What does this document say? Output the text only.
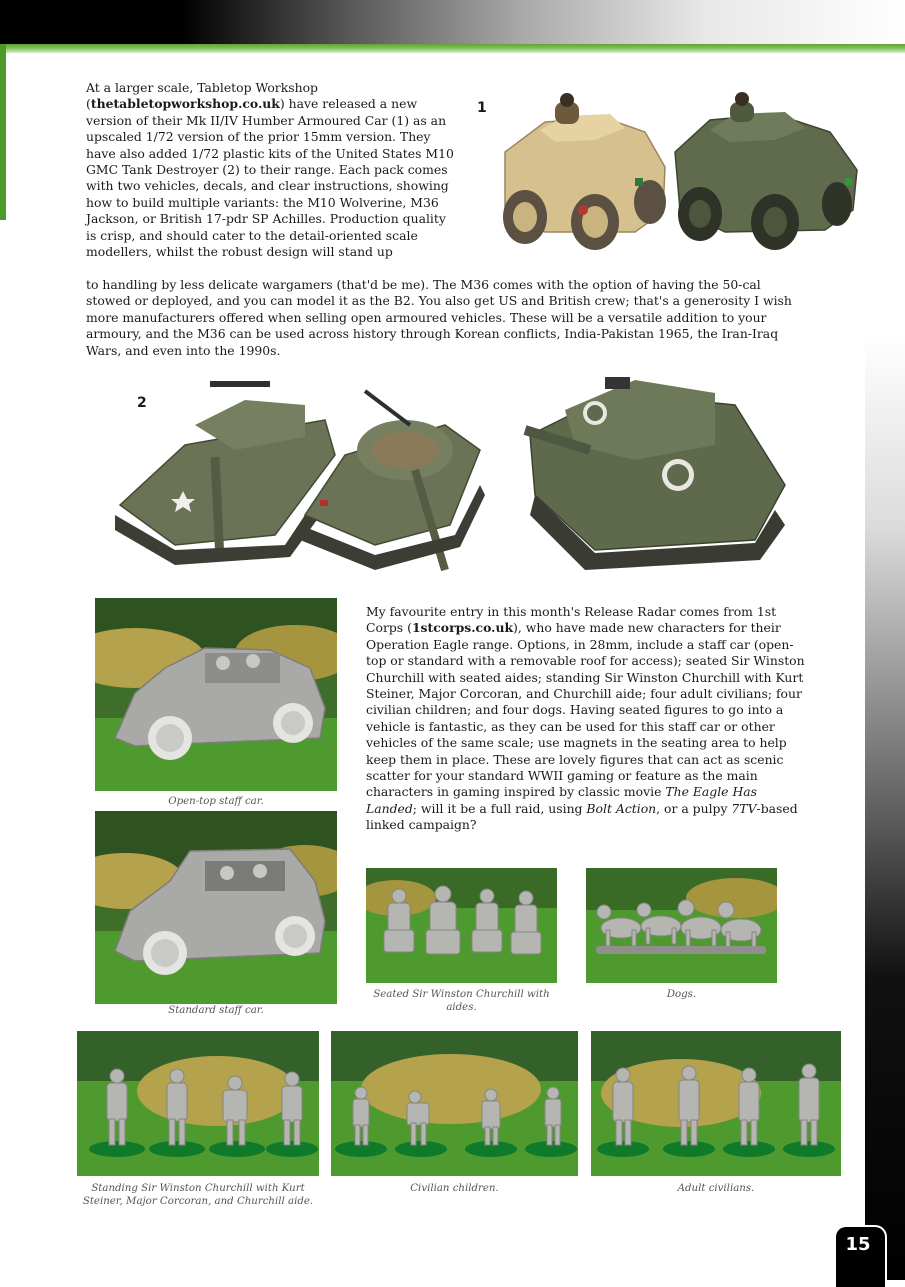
At a larger scale, Tabletop Workshop (thetabletopworkshop.co.uk) have released a new version of their Mk II/IV Humber Armoured Car (1) as an upscaled 1/72 version of the prior 15mm version. They have also added 1/72 plastic kits of the United States M10 GMC Tank Destroyer (2) to their range. Each pack comes with two vehicles, decals, and clear instructions, showing how to build multiple variants: the M10 Wolverine, M36 Jackson, or British 17-pdr SP Achilles. Production quality is crisp, and should cater to the detail-oriented scale modellers, whilst the robust design will stand up

to handling by less delicate wargamers (that'd be me). The M36 comes with the option of having the 50-cal stowed or deployed, and you can model it as the B2. You also get US and British crew; that's a generosity I wish more manufacturers offered when selling open armoured vehicles. These will be a versatile addition to your armoury, and the M36 can be used across history through Korean conflicts, India-Pakistan 1965, the Iran-Iraq Wars, and even into the 1990s.

1
2
Open-top staff car.
Standard staff car.

My favourite entry in this month's Release Radar comes from 1st Corps (1stcorps.co.uk), who have made new characters for their Operation Eagle range. Options, in 28mm, include a staff car (open-top or standard with a removable roof for access); seated Sir Winston Churchill with seated aides; standing Sir Winston Churchill with Kurt Steiner, Major Corcoran, and Churchill aide; four adult civilians; four civilian children; and four dogs. Having seated figures to go into a vehicle is fantastic, as they can be used for this staff car or other vehicles of the same scale; use magnets in the seating area to help keep them in place. These are lovely figures that can act as scenic scatter for your standard WWII gaming or feature as the main characters in gaming inspired by classic movie The Eagle Has Landed; will it be a full raid, using Bolt Action, or a pulpy 7TV-based linked campaign?

Seated Sir Winston Churchill with aides.
Dogs.
Standing Sir Winston Churchill with Kurt Steiner, Major Corcoran, and Churchill aide.
Civilian children.	Adult civilians.
15
